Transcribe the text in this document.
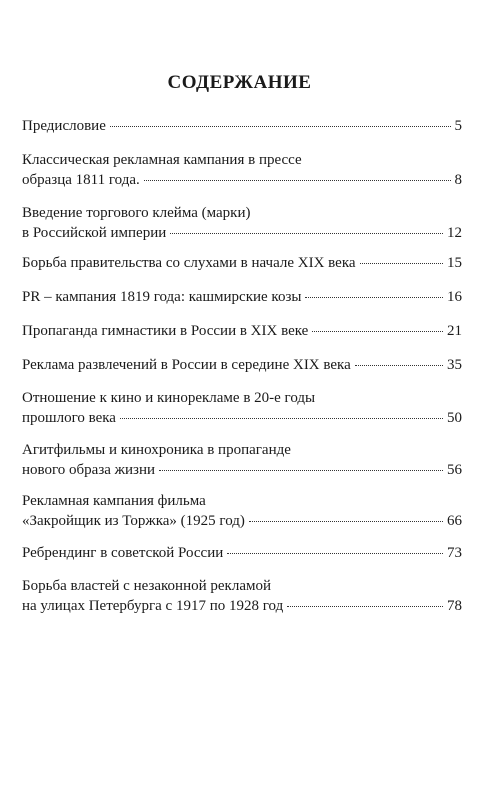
СОДЕРЖАНИЕ
Предисловие	5
Классическая рекламная кампания в прессе
образца 1811 года.	8
Введение торгового клейма (марки)
в Российской империи	12
Борьба правительства со слухами в начале XIX века	15
PR – кампания 1819 года: кашмирские козы	16
Пропаганда гимнастики в России в XIX веке	21
Реклама развлечений в России в середине XIX века	35
Отношение к кино и кинорекламе в 20-е годы
прошлого века	50
Агитфильмы и кинохроника в пропаганде
нового образа жизни	56
Рекламная кампания фильма
«Закройщик из Торжка» (1925 год)	66
Ребрендинг в советской России	73
Борьба властей с незаконной рекламой
на улицах Петербурга с 1917 по 1928 год	78
